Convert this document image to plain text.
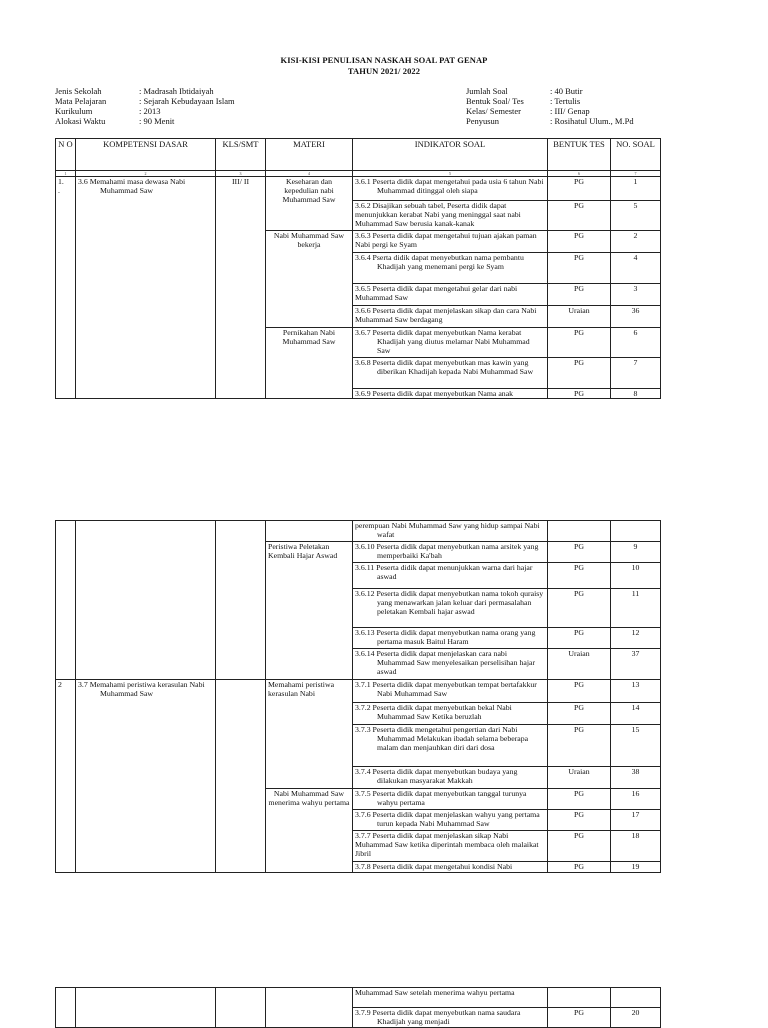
KISI-KISI PENULISAN NASKAH SOAL PAT GENAP
TAHUN 2021/ 2022
Jenis Sekolah	: Madrasah Ibtidaiyah
Mata Pelajaran	: Sejarah Kebudayaan Islam
Kurikulum	: 2013
Alokasi Waktu	: 90 Menit
Jumlah Soal	: 40 Butir
Bentuk Soal/ Tes	: Tertulis
Kelas/ Semester	: III/ Genap
Penyusun	: Rosihatul Ulum., M.Pd
N O	KOMPETENSI DASAR	KLS/SMT	MATERI	INDIKATOR SOAL	BENTUK TES	NO. SOAL
1	2	3	4	5	6	7

1.
.	3.6 Memahami masa dewasa Nabi Muhammad Saw	III/ II	Keseharan dan kepedulian nabi Muhammad Saw	3.6.1 Peserta didik dapat mengetahui pada usia 6 tahun Nabi Muhammad ditinggal oleh siapa	PG	1
				3.6.2 Disajikan sebuah tabel, Peserta didik dapat menunjukkan kerabat Nabi yang meninggal saat nabi Muhammad Saw berusia kanak-kanak	PG	5
			Nabi Muhammad Saw bekerja	3.6.3 Peserta didik dapat mengetahui tujuan ajakan paman Nabi pergi ke Syam	PG	2
				3.6.4 Pserta didik dapat menyebutkan nama pembantu Khadijah yang menemani pergi ke Syam	PG	4
				3.6.5 Peserta didik dapat mengetahui gelar dari nabi Muhammad Saw	PG	3
				3.6.6 Peserta didik dapat menjelaskan sikap dan cara Nabi Muhammad Saw berdagang	Uraian	36
			Pernikahan Nabi Muhammad Saw	3.6.7 Peserta didik dapat menyebutkan Nama kerabat Khadijah yang diutus melamar Nabi Muhammad Saw	PG	6
				3.6.8 Peserta didik dapat menyebutkan mas kawin yang diberikan Khadijah kepada Nabi Muhammad Saw	PG	7
				3.6.9 Peserta didik dapat menyebutkan Nama anak	PG	8
				perempuan Nabi Muhammad Saw yang hidup sampai Nabi wafat		
			Peristiwa Peletakan Kembali Hajar Aswad	3.6.10 Peserta didik dapat menyebutkan nama arsitek yang memperbaiki Ka'bah	PG	9
				3.6.11 Peserta didik dapat menunjukkan warna dari hajar aswad	PG	10
				3.6.12 Peserta didik dapat menyebutkan nama tokoh quraisy yang menawarkan jalan keluar dari permasalahan peletakan Kembali hajar aswad	PG	11
				3.6.13 Peserta didik dapat menyebutkan nama orang yang pertama masuk Baitul Haram	PG	12
				3.6.14 Peserta didik dapat menjelaskan cara nabi Muhammad Saw menyelesaikan perselisihan hajar aswad	Uraian	37
2	3.7 Memahami peristiwa kerasulan Nabi Muhammad Saw		Memahami peristiwa kerasulan Nabi	3.7.1 Peserta didik dapat menyebutkan tempat bertafakkur Nabi Muhammad Saw	PG	13
				3.7.2 Peserta didik dapat menyebutkan bekal Nabi Muhammad Saw Ketika beruzlah	PG	14
				3.7.3 Peserta didik mengetahui pengertian dari Nabi Muhammad Melakukan ibadah selama beberapa malam dan menjauhkan diri dari dosa	PG	15
				3.7.4 Peserta didik dapat menyebutkan budaya yang dilakukan masyarakat Makkah	Uraian	38
			Nabi Muhammad Saw menerima wahyu pertama	3.7.5 Peserta didik dapat menyebutkan tanggal turunya wahyu pertama	PG	16
				3.7.6 Peserta didik dapat menjelaskan wahyu yang pertama turun kepada Nabi Muhammad Saw	PG	17
				3.7.7 Peserta didik dapat menjelaskan sikap Nabi Muhammad Saw ketika diperintah membaca oleh malaikat Jibril	PG	18
				3.7.8 Peserta didik dapat mengetahui kondisi Nabi	PG	19
				Muhammad Saw setelah menerima wahyu pertama		
				3.7.9 Peserta didik dapat menyebutkan nama saudara Khadijah yang menjadi	PG	20
